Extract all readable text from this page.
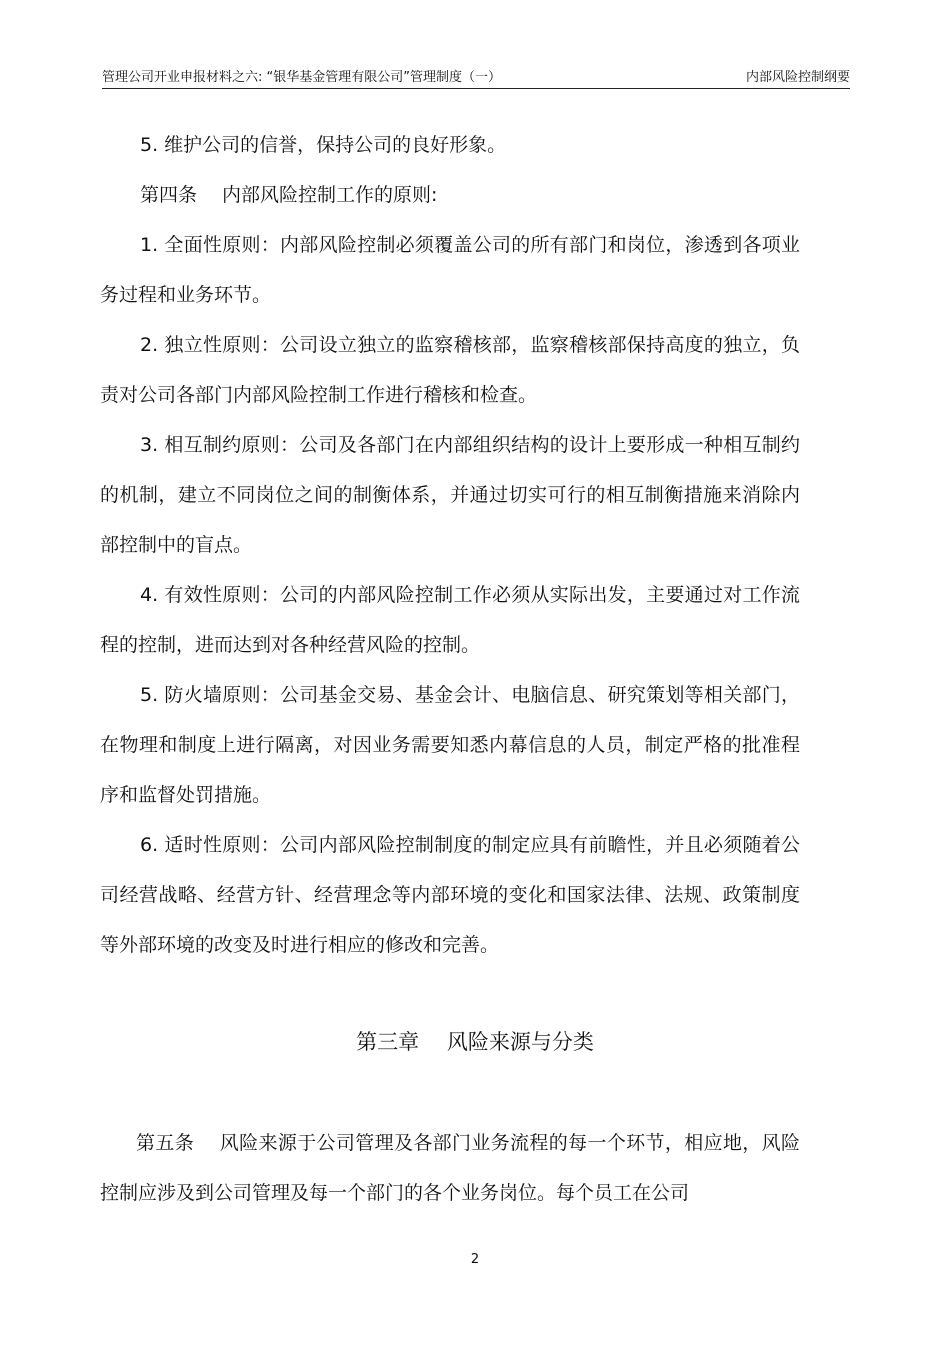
管理公司开业申报材料之六: “银华基金管理有限公司”管理制度（一）	内部风险控制纲要

5. 维护公司的信誉，保持公司的良好形象。

第四条　 内部风险控制工作的原则:

1. 全面性原则：内部风险控制必须覆盖公司的所有部门和岗位，渗透到各项业务过程和业务环节。

2. 独立性原则：公司设立独立的监察稽核部，监察稽核部保持高度的独立，负责对公司各部门内部风险控制工作进行稽核和检查。

3. 相互制约原则：公司及各部门在内部组织结构的设计上要形成一种相互制约的机制，建立不同岗位之间的制衡体系，并通过切实可行的相互制衡措施来消除内部控制中的盲点。

4. 有效性原则：公司的内部风险控制工作必须从实际出发，主要通过对工作流程的控制，进而达到对各种经营风险的控制。

5. 防火墙原则：公司基金交易、基金会计、电脑信息、研究策划等相关部门，在物理和制度上进行隔离，对因业务需要知悉内幕信息的人员，制定严格的批准程序和监督处罚措施。

6. 适时性原则：公司内部风险控制制度的制定应具有前瞻性，并且必须随着公司经营战略、经营方针、经营理念等内部环境的变化和国家法律、法规、政策制度等外部环境的改变及时进行相应的修改和完善。

第三章　 风险来源与分类

第五条　 风险来源于公司管理及各部门业务流程的每一个环节，相应地，风险控制应涉及到公司管理及每一个部门的各个业务岗位。每个员工在公司

2
